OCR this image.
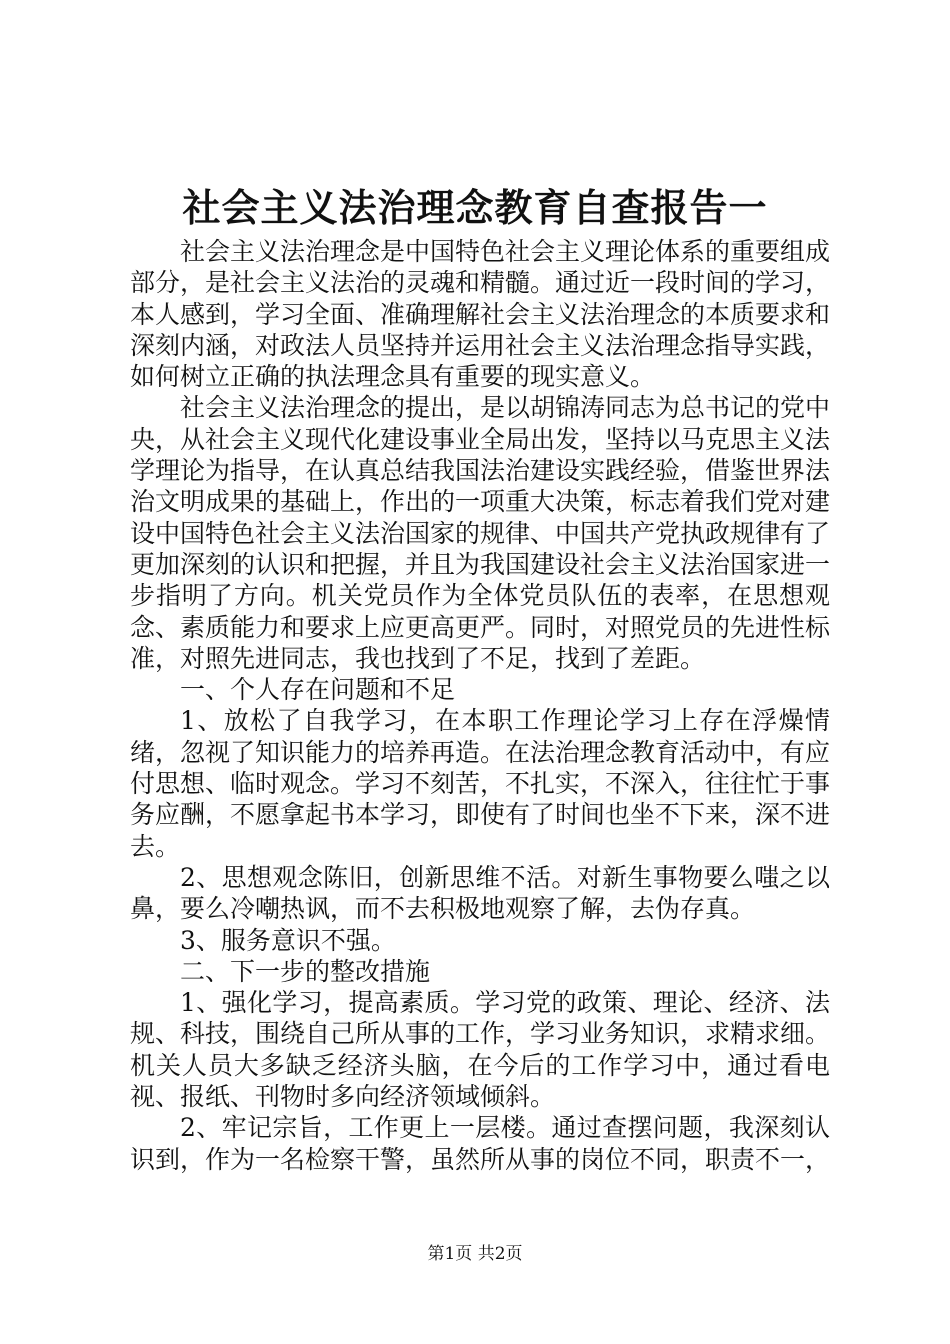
社会主义法治理念教育自查报告一

社会主义法治理念是中国特色社会主义理论体系的重要组成部分，是社会主义法治的灵魂和精髓。通过近一段时间的学习，本人感到，学习全面、准确理解社会主义法治理念的本质要求和深刻内涵，对政法人员坚持并运用社会主义法治理念指导实践，如何树立正确的执法理念具有重要的现实意义。

社会主义法治理念的提出，是以胡锦涛同志为总书记的党中央，从社会主义现代化建设事业全局出发，坚持以马克思主义法学理论为指导，在认真总结我国法治建设实践经验，借鉴世界法治文明成果的基础上，作出的一项重大决策，标志着我们党对建设中国特色社会主义法治国家的规律、中国共产党执政规律有了更加深刻的认识和把握，并且为我国建设社会主义法治国家进一步指明了方向。机关党员作为全体党员队伍的表率，在思想观念、素质能力和要求上应更高更严。同时，对照党员的先进性标准，对照先进同志，我也找到了不足，找到了差距。

一、个人存在问题和不足

1、放松了自我学习，在本职工作理论学习上存在浮燥情绪，忽视了知识能力的培养再造。在法治理念教育活动中，有应付思想、临时观念。学习不刻苦，不扎实，不深入，往往忙于事务应酬，不愿拿起书本学习，即使有了时间也坐不下来，深不进去。

2、思想观念陈旧，创新思维不活。对新生事物要么嗤之以鼻，要么冷嘲热讽，而不去积极地观察了解，去伪存真。

3、服务意识不强。

二、下一步的整改措施

1、强化学习，提高素质。学习党的政策、理论、经济、法规、科技，围绕自己所从事的工作，学习业务知识，求精求细。机关人员大多缺乏经济头脑，在今后的工作学习中，通过看电视、报纸、刊物时多向经济领域倾斜。

2、牢记宗旨，工作更上一层楼。通过查摆问题，我深刻认识到，作为一名检察干警，虽然所从事的岗位不同，职责不一，

第1页 共2页
